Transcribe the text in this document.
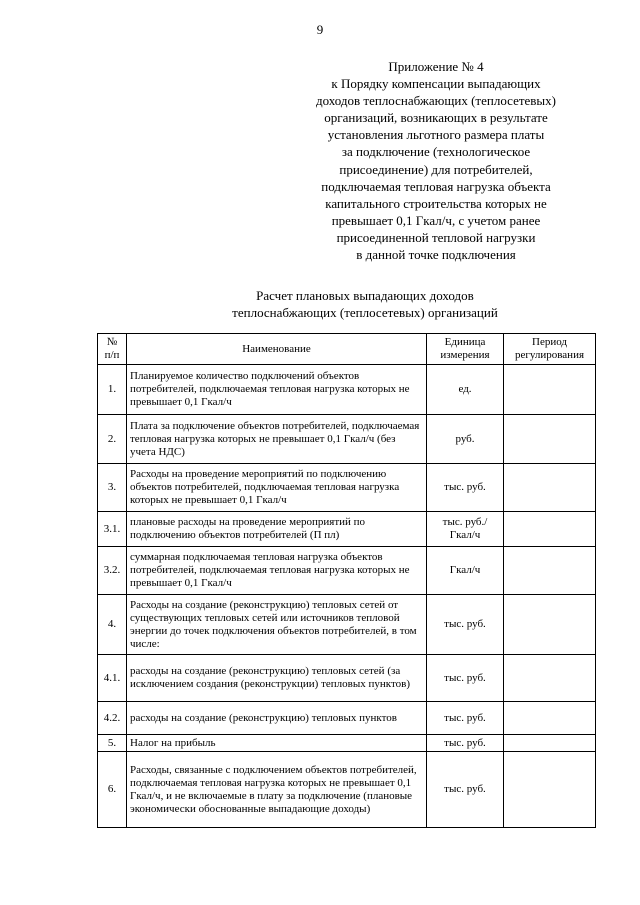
9
Приложение № 4
к Порядку компенсации выпадающих
доходов теплоснабжающих (теплосетевых)
организаций, возникающих в результате
установления льготного размера платы
за подключение (технологическое
присоединение) для потребителей,
подключаемая тепловая нагрузка объекта
капитального строительства которых не
превышает 0,1 Гкал/ч, с учетом ранее
присоединенной тепловой нагрузки
в данной точке подключения
Расчет плановых выпадающих доходов
теплоснабжающих (теплосетевых) организаций
№ п/п	Наименование	Единица измерения	Период регулирования
1.	Планируемое количество подключений объектов потребителей, подключаемая тепловая нагрузка которых не превышает 0,1 Гкал/ч	ед.	
2.	Плата за подключение объектов потребителей, подключаемая тепловая нагрузка которых не превышает 0,1 Гкал/ч (без учета НДС)	руб.	
3.	Расходы на проведение мероприятий по подключению объектов потребителей, подключаемая тепловая нагрузка которых не превышает 0,1 Гкал/ч	тыс. руб.	
3.1.	плановые расходы на проведение мероприятий по подключению объектов потребителей (П пл)	тыс. руб./ Гкал/ч	
3.2.	суммарная подключаемая тепловая нагрузка объектов потребителей, подключаемая тепловая нагрузка которых не превышает 0,1 Гкал/ч	Гкал/ч	
4.	Расходы на создание (реконструкцию) тепловых сетей от существующих тепловых сетей или источников тепловой энергии до точек подключения объектов потребителей, в том числе:	тыс. руб.	
4.1.	расходы на создание (реконструкцию) тепловых сетей (за исключением создания (реконструкции) тепловых пунктов)	тыс. руб.	
4.2.	расходы на создание (реконструкцию) тепловых пунктов	тыс. руб.	
5.	Налог на прибыль	тыс. руб.	
6.	Расходы, связанные с подключением объектов потребителей, подключаемая тепловая нагрузка которых не превышает 0,1 Гкал/ч, и не включаемые в плату за подключение (плановые экономически обоснованные выпадающие доходы)	тыс. руб.	
